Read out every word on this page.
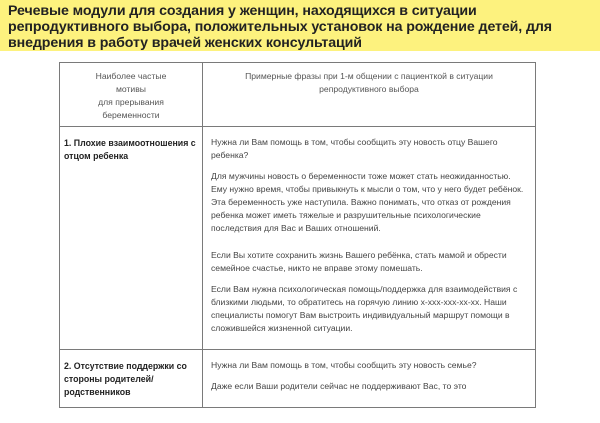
Речевые модули для создания у женщин, находящихся в ситуации репродуктивного выбора, положительных установок на рождение детей, для внедрения в работу врачей женских консультаций
Наиболее частые
мотивы
для прерывания
беременности	Примерные фразы при 1-м общении с пациенткой в ситуации
репродуктивного выбора

1. Плохие взаимоотношения с отцом ребенка	Нужна ли Вам помощь в том, чтобы сообщить эту новость отцу Вашего ребенка?

Для мужчины новость о беременности тоже может стать неожиданностью. Ему нужно время, чтобы привыкнуть к мысли о том, что у него будет ребёнок. Эта беременность уже наступила. Важно понимать, что отказ от рождения ребенка может иметь тяжелые и разрушительные психологические последствия для Вас и Ваших отношений.

Если Вы хотите сохранить жизнь Вашего ребёнка, стать мамой и обрести семейное счастье, никто не вправе этому помешать.

Если Вам нужна психологическая помощь/поддержка для взаимодействия с близкими людьми, то обратитесь на горячую линию х-ххх-ххх-хх-хх. Наши специалисты помогут Вам выстроить индивидуальный маршрут помощи в сложившейся жизненной ситуации.

2. Отсутствие поддержки со стороны родителей/ родственников	Нужна ли Вам помощь в том, чтобы сообщить эту новость семье?

Даже если Ваши родители сейчас не поддерживают Вас, то это
